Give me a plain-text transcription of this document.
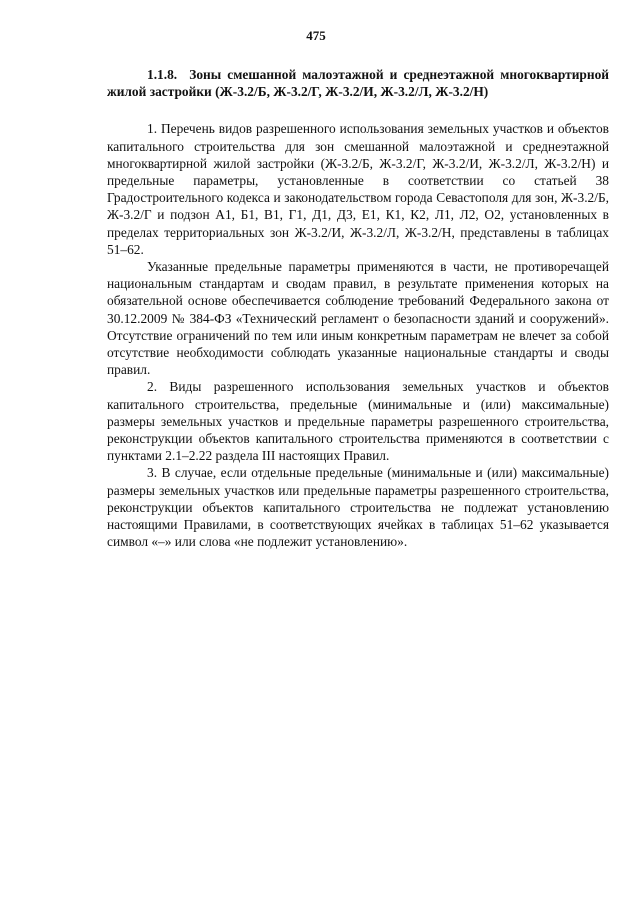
475

1.1.8. Зоны смешанной малоэтажной и среднеэтажной многоквартирной жилой застройки (Ж-3.2/Б, Ж-3.2/Г, Ж-3.2/И, Ж-3.2/Л, Ж-3.2/Н)

1. Перечень видов разрешенного использования земельных участков и объектов капитального строительства для зон смешанной малоэтажной и среднеэтажной многоквартирной жилой застройки (Ж-3.2/Б, Ж-3.2/Г, Ж-3.2/И, Ж-3.2/Л, Ж-3.2/Н) и предельные параметры, установленные в соответствии со статьей 38 Градостроительного кодекса и законодательством города Севастополя для зон, Ж-3.2/Б, Ж-3.2/Г и подзон А1, Б1, В1, Г1, Д1, Д3, Е1, К1, К2, Л1, Л2, О2, установленных в пределах территориальных зон Ж-3.2/И, Ж-3.2/Л, Ж-3.2/Н, представлены в таблицах 51–62.

Указанные предельные параметры применяются в части, не противоречащей национальным стандартам и сводам правил, в результате применения которых на обязательной основе обеспечивается соблюдение требований Федерального закона от 30.12.2009 № 384-ФЗ «Технический регламент о безопасности зданий и сооружений». Отсутствие ограничений по тем или иным конкретным параметрам не влечет за собой отсутствие необходимости соблюдать указанные национальные стандарты и своды правил.

2. Виды разрешенного использования земельных участков и объектов капитального строительства, предельные (минимальные и (или) максимальные) размеры земельных участков и предельные параметры разрешенного строительства, реконструкции объектов капитального строительства применяются в соответствии с пунктами 2.1–2.22 раздела III настоящих Правил.

3. В случае, если отдельные предельные (минимальные и (или) максимальные) размеры земельных участков или предельные параметры разрешенного строительства, реконструкции объектов капитального строительства не подлежат установлению настоящими Правилами, в соответствующих ячейках в таблицах 51–62 указывается символ «–» или слова «не подлежит установлению».
